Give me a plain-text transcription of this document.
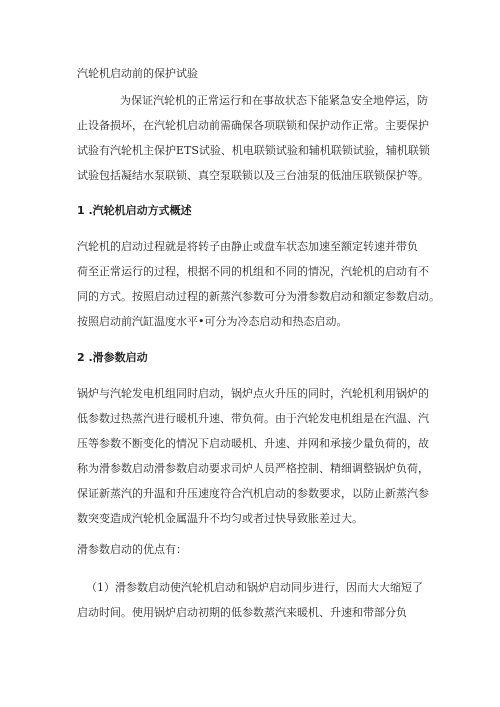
汽轮机启动前的保护试验
为保证汽轮机的正常运行和在事故状态下能紧急安全地停运，防
止设备损坏，在汽轮机启动前需确保各项联锁和保护动作正常。主要保护
试验有汽轮机主保护ETS试验、机电联锁试验和辅机联锁试验，辅机联锁
试验包括凝结水泵联锁、真空泵联锁以及三台油泵的低油压联锁保护等。
1 .汽轮机启动方式概述
汽轮机的启动过程就是将转子由静止或盘车状态加速至额定转速并带负
荷至正常运行的过程，根据不同的机组和不同的情况，汽轮机的启动有不
同的方式。按照启动过程的新蒸汽参数可分为滑参数启动和额定参数启动。
按照启动前汽缸温度水平•可分为冷态启动和热态启动。
2 .滑参数启动
锅炉与汽轮发电机组同时启动，锅炉点火升压的同时，汽轮机利用锅炉的
低参数过热蒸汽进行暖机升速、带负荷。由于汽轮发电机组是在汽温、汽
压等参数不断变化的情况下启动暖机、升速、并网和承接少量负荷的，故
称为滑参数启动滑参数启动要求司炉人员严格控制、精细调整锅炉负荷，
保证新蒸汽的升温和升压速度符合汽机启动的参数要求，以防止新蒸汽参
数突变造成汽轮机金属温升不均匀或者过快导致胀差过大。
滑参数启动的优点有：
（1）滑参数启动使汽轮机启动和锅炉启动同步进行，因而大大缩短了
启动时间。使用锅炉启动初期的低参数蒸汽来暖机、升速和带部分负
